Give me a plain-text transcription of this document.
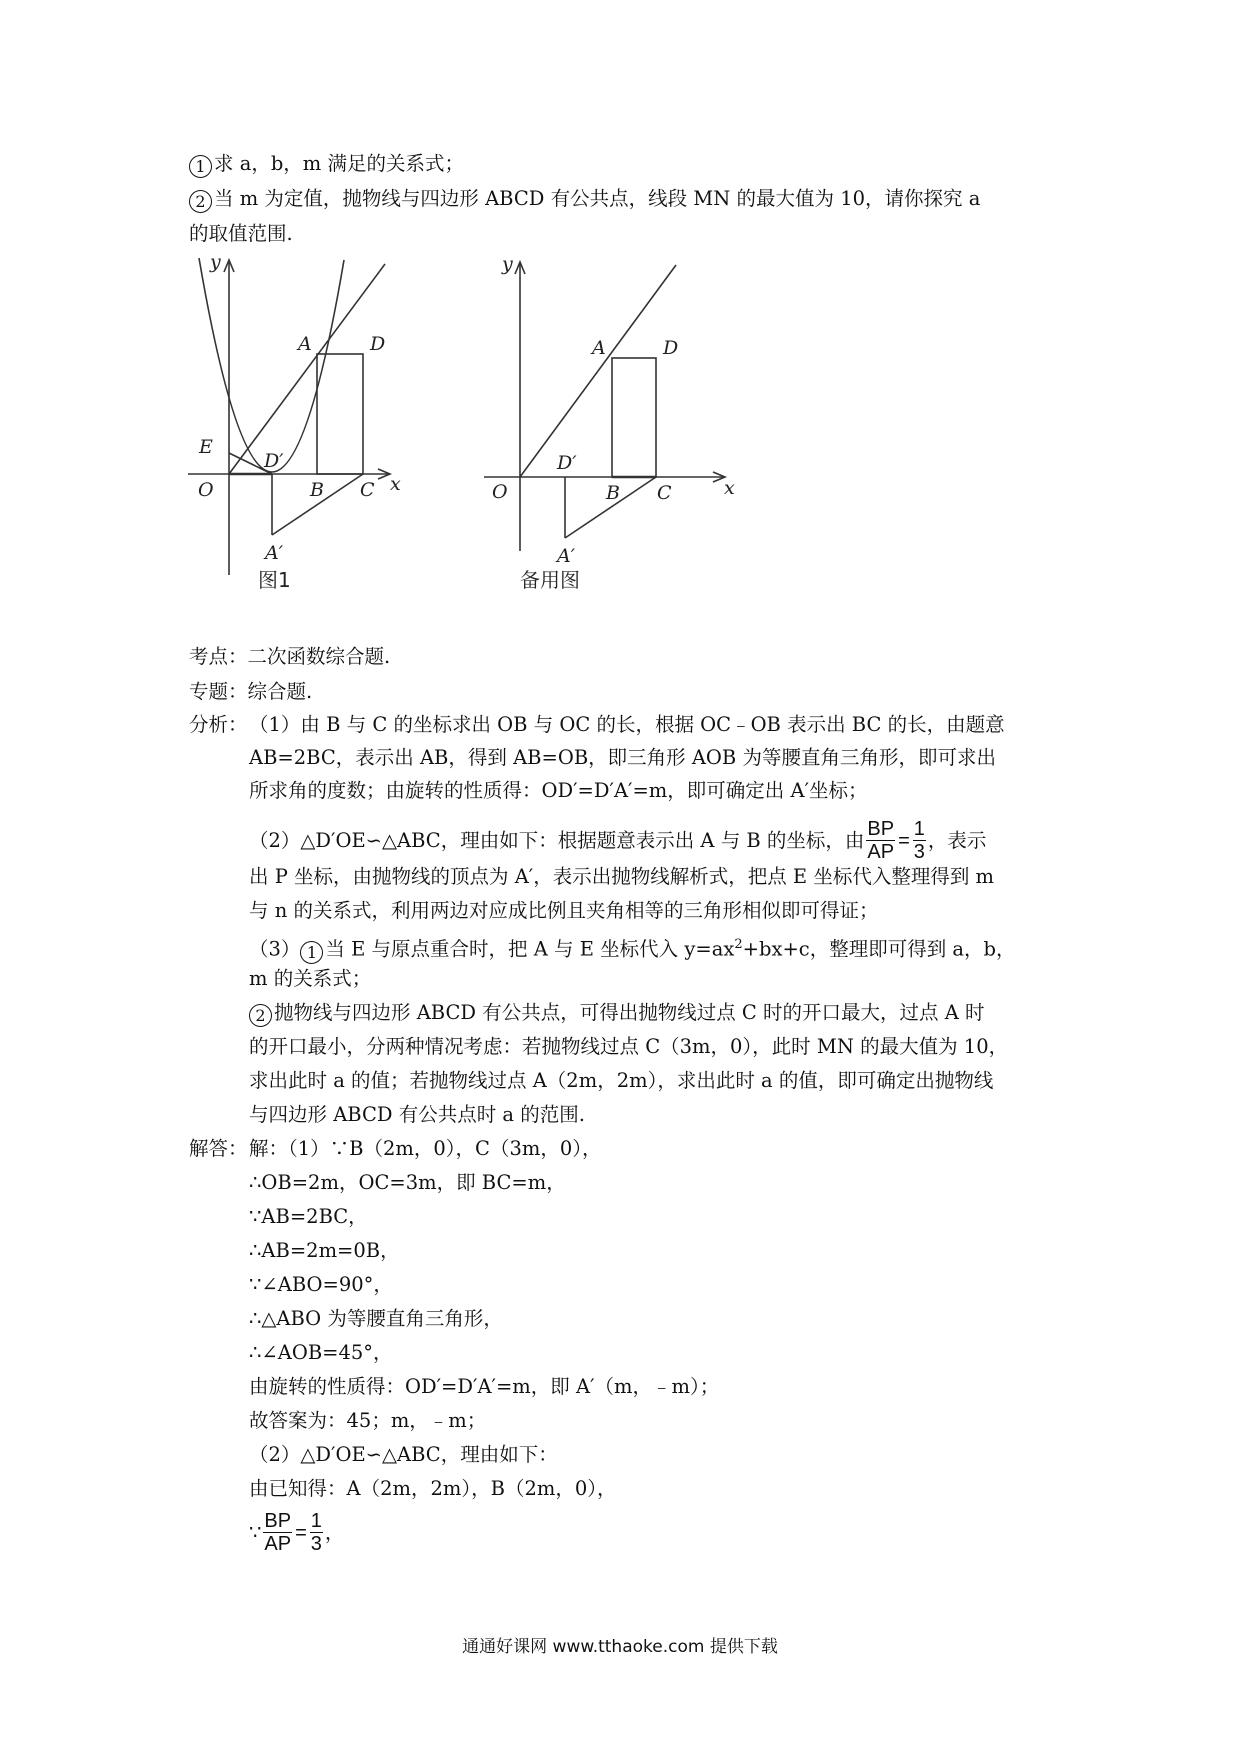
1 求 a，b，m 满足的关系式；
2 当 m 为定值，抛物线与四边形 ABCD 有公共点，线段 MN 的最大值为 10，请你探究 a
的取值范围.
y
x
O
A	D
E
D′
B C
A′
图1
y
x
O
A	D
D′
B C
A′
备用图
考点：二次函数综合题.
专题：综合题.
分析： （1）由 B 与 C 的坐标求出 OB 与 OC 的长，根据 OC﹣OB 表示出 BC 的长，由题意
AB=2BC，表示出 AB，得到 AB=OB，即三角形 AOB 为等腰直角三角形，即可求出
所求角的度数；由旋转的性质得：OD′=D′A′=m，即可确定出 A′坐标；
（2）△D′OE∽△ABC，理由如下：根据题意表示出 A 与 B 的坐标，由 $\frac{BP}{AP} = \frac{1}{3}$ ，表示
出 P 坐标，由抛物线的顶点为 A′，表示出抛物线解析式，把点 E 坐标代入整理得到 m
与 n 的关系式，利用两边对应成比例且夹角相等的三角形相似即可得证；
（3） 1 当 E 与原点重合时，把 A 与 E 坐标代入 $y=ax^2+bx+c$，整理即可得到 a，b，
m 的关系式；
2 抛物线与四边形 ABCD 有公共点，可得出抛物线过点 C 时的开口最大，过点 A 时
的开口最小，分两种情况考虑：若抛物线过点 C（3m，0），此时 MN 的最大值为 10，
求出此时 a 的值；若抛物线过点 A（2m，2m），求出此时 a 的值，即可确定出抛物线
与四边形 ABCD 有公共点时 a 的范围.
解答： 解：（1）∵B（2m，0），C（3m，0），
∴OB=2m，OC=3m，即 BC=m，
∵AB=2BC，
∴AB=2m=0B，
∵∠ABO=90°，
∴△ABO 为等腰直角三角形，
∴∠AOB=45°，
由旋转的性质得：OD′=D′A′=m，即 A′（m，﹣m）；
故答案为：45；m，﹣m；
（2）△D′OE∽△ABC，理由如下：
由已知得：A（2m，2m），B（2m，0），
∵ $\frac{BP}{AP} = \frac{1}{3}$ ，
通通好课网 www.tthaoke.com 提供下载
